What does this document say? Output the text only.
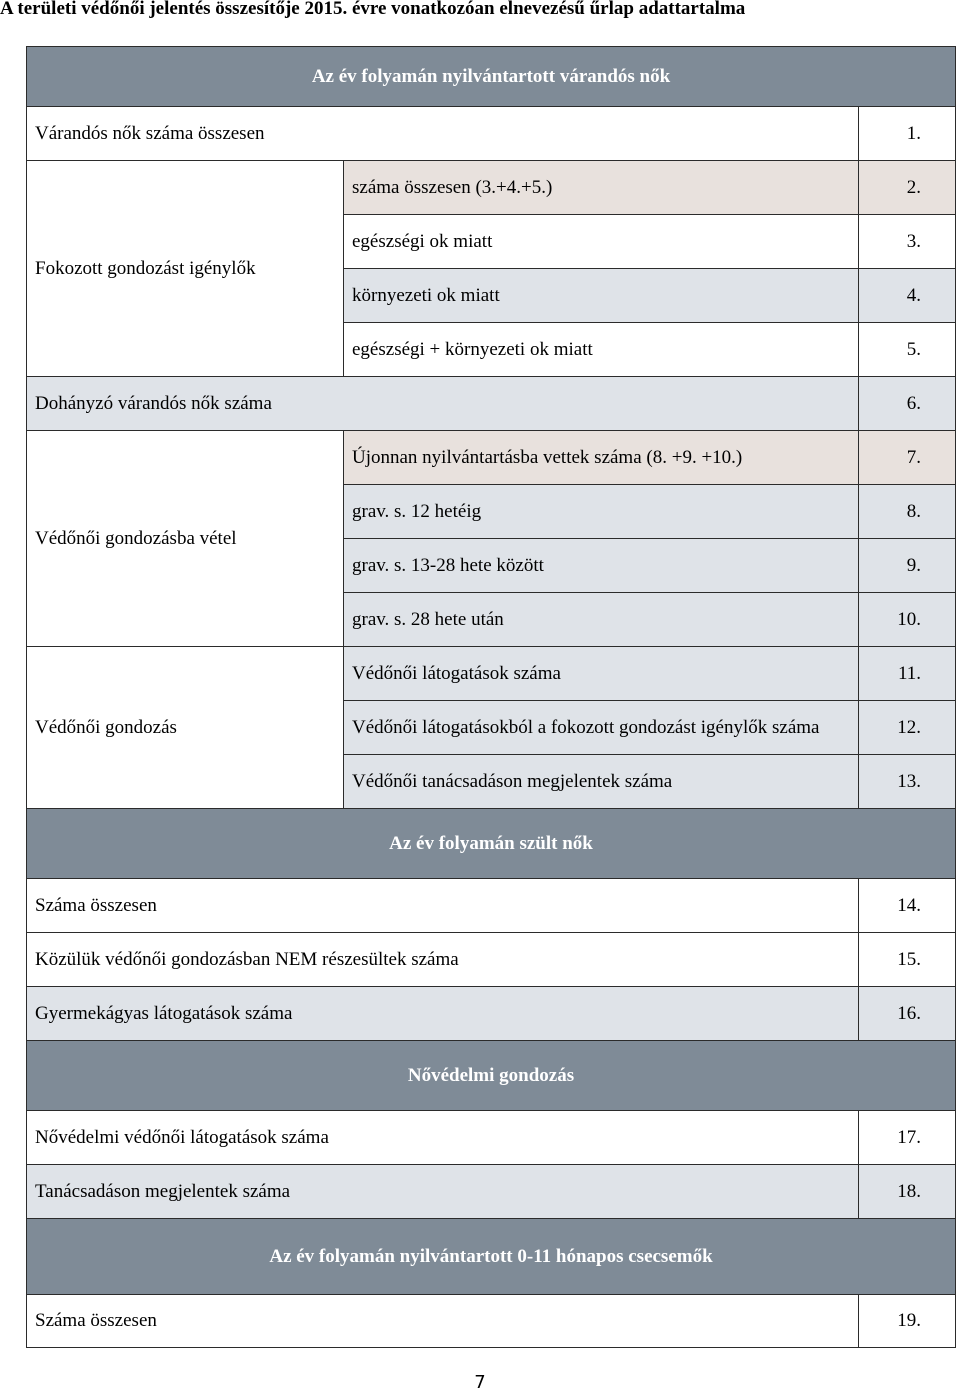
A területi védőnői jelentés összesítője 2015. évre vonatkozóan elnevezésű űrlap adattartalma
Az év folyamán nyilvántartott várandós nők
Várandós nők száma összesen	1.
Fokozott gondozást igénylők
száma összesen (3.+4.+5.)	2.
egészségi ok miatt	3.
környezeti ok miatt	4.
egészségi + környezeti ok miatt	5.
Dohányzó várandós nők száma	6.
Védőnői gondozásba vétel
Újonnan nyilvántartásba vettek száma (8. +9. +10.)	7.
grav. s. 12 hetéig	8.
grav. s. 13-28 hete között	9.
grav. s. 28 hete után	10.
Védőnői gondozás
Védőnői látogatások száma	11.
Védőnői látogatásokból a fokozott gondozást igénylők száma	12.
Védőnői tanácsadáson megjelentek száma	13.
Az év folyamán szült nők
Száma összesen	14.
Közülük védőnői gondozásban NEM részesültek száma	15.
Gyermekágyas látogatások száma	16.
Nővédelmi gondozás
Nővédelmi védőnői látogatások száma	17.
Tanácsadáson megjelentek száma	18.
Az év folyamán nyilvántartott 0-11 hónapos csecsemők
Száma összesen	19.
7
